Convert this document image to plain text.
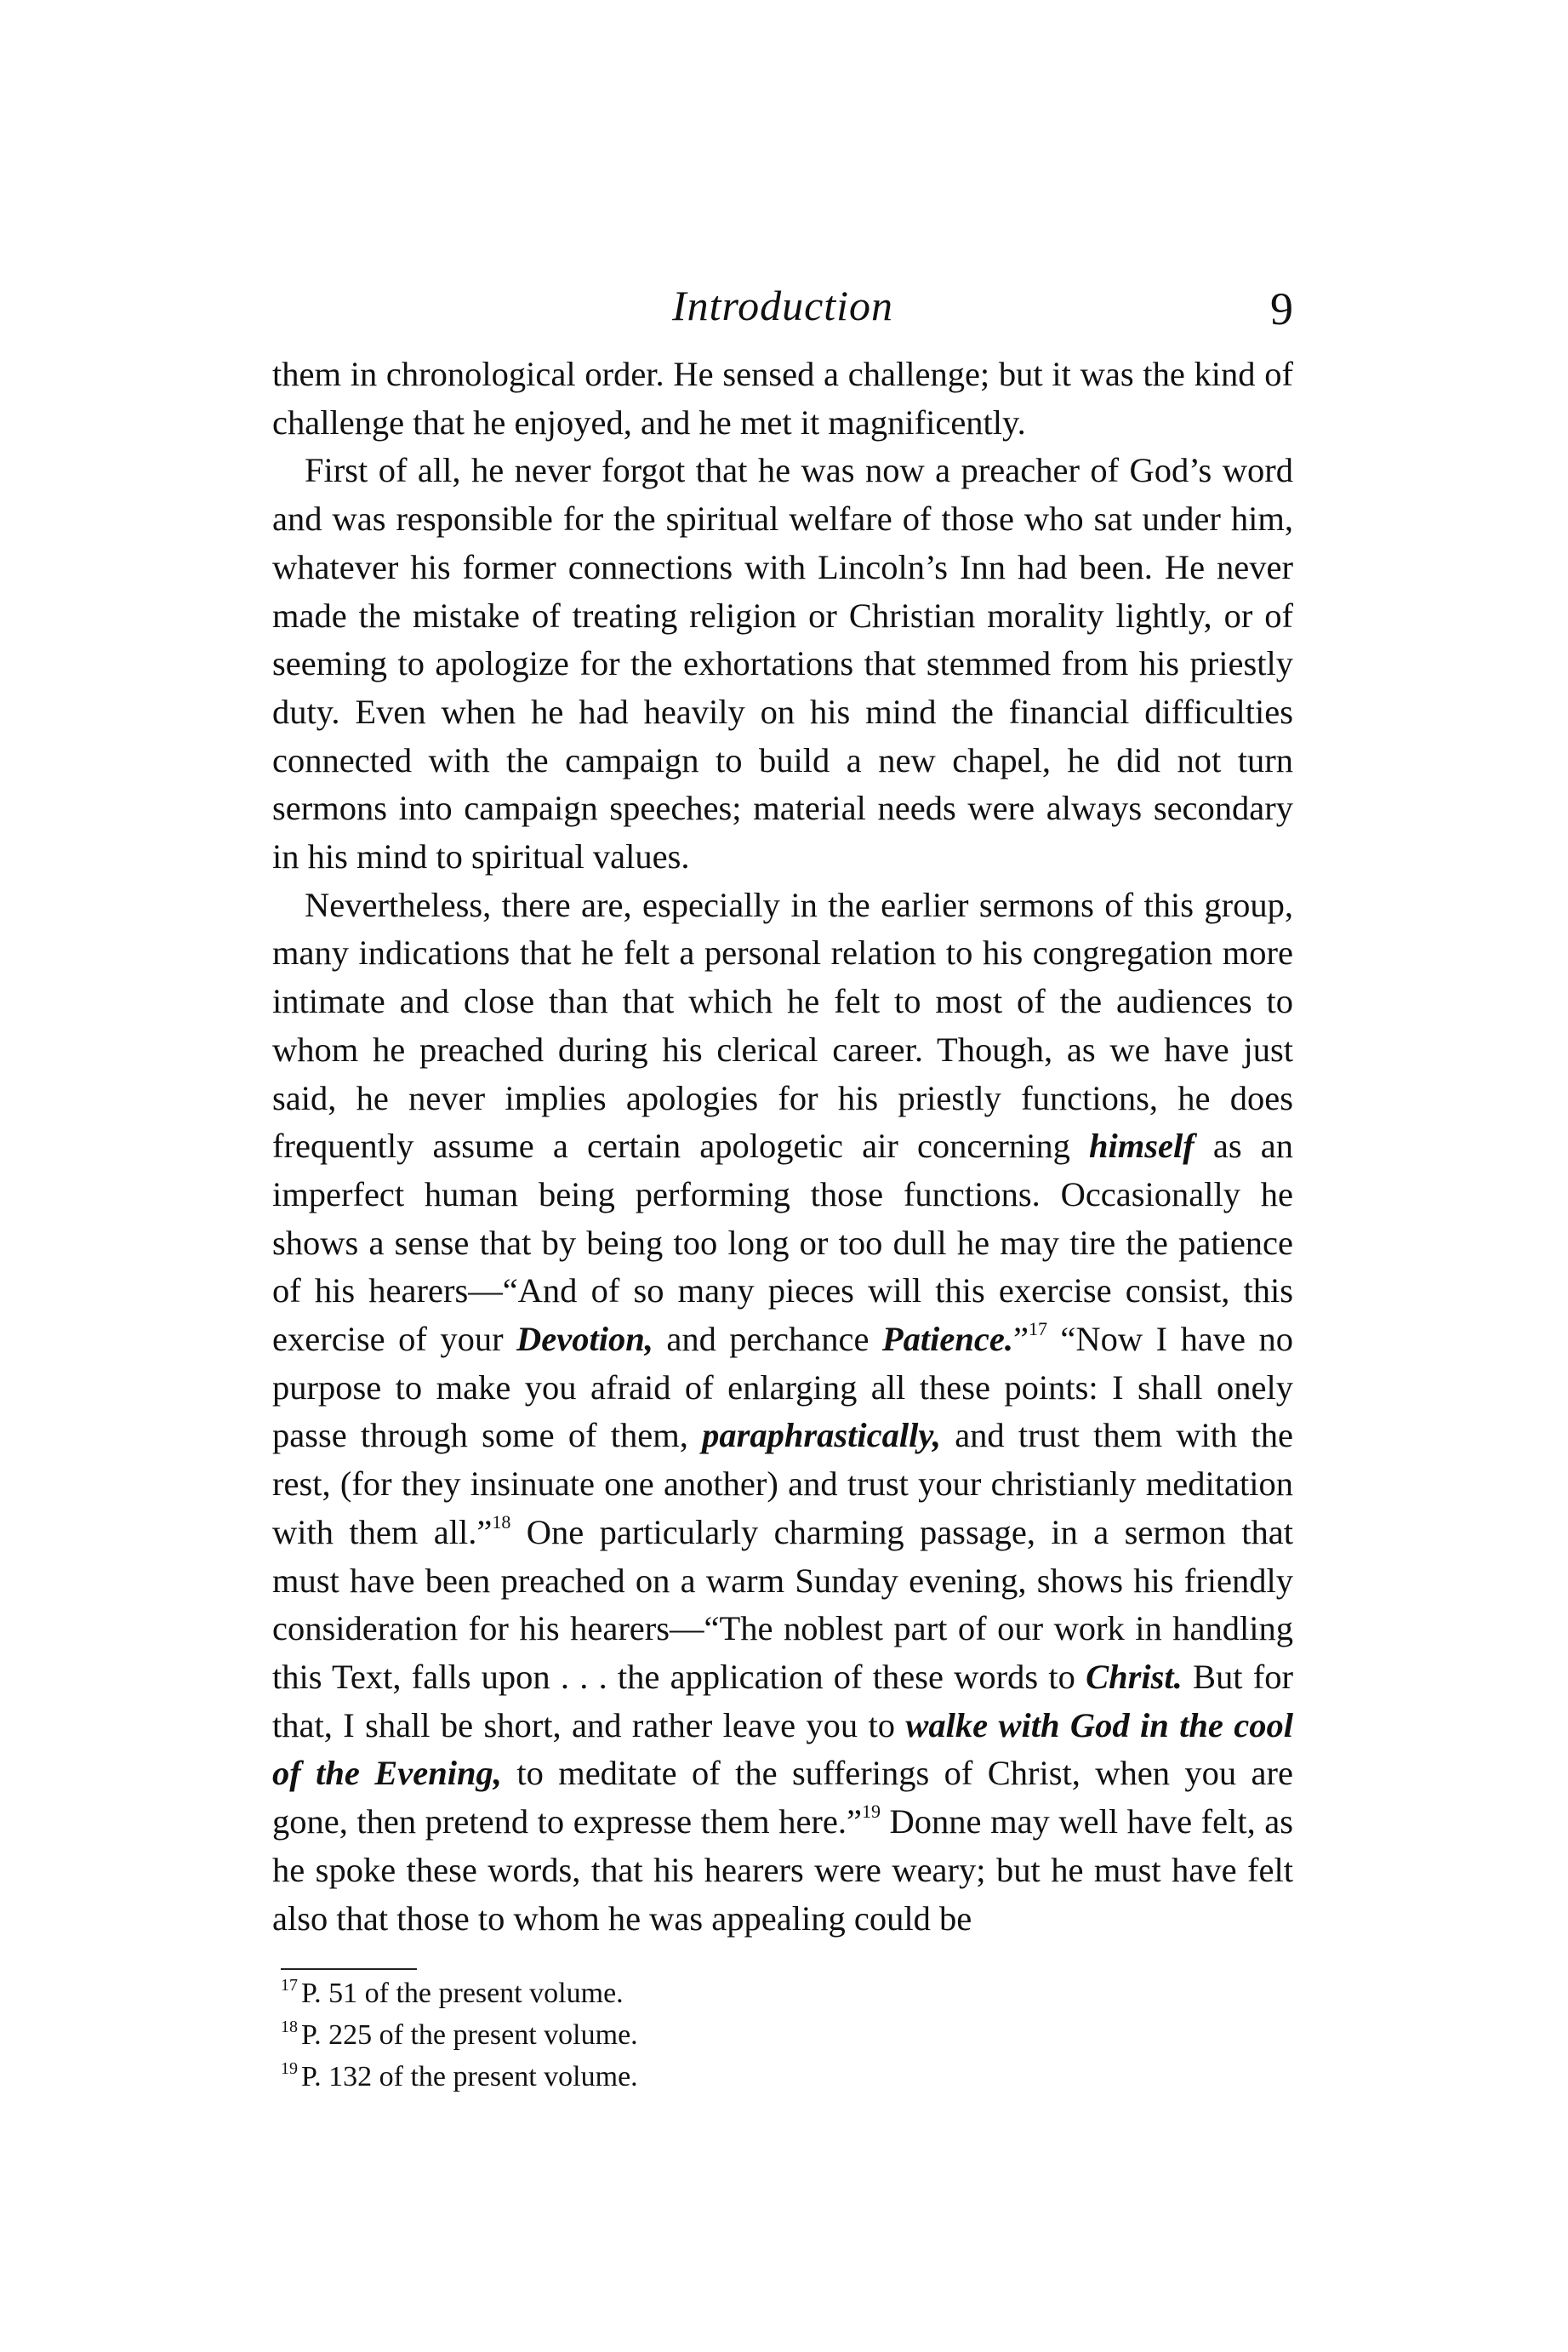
Introduction	9

them in chronological order. He sensed a challenge; but it was the kind of challenge that he enjoyed, and he met it magnificently.

First of all, he never forgot that he was now a preacher of God’s word and was responsible for the spiritual welfare of those who sat under him, whatever his former connections with Lincoln’s Inn had been. He never made the mistake of treating religion or Christian morality lightly, or of seeming to apologize for the exhortations that stemmed from his priestly duty. Even when he had heavily on his mind the financial difficulties connected with the campaign to build a new chapel, he did not turn sermons into campaign speeches; material needs were always secondary in his mind to spiritual values.

Nevertheless, there are, especially in the earlier sermons of this group, many indications that he felt a personal relation to his congregation more intimate and close than that which he felt to most of the audiences to whom he preached during his clerical career. Though, as we have just said, he never implies apologies for his priestly functions, he does frequently assume a certain apologetic air concerning himself as an imperfect human being performing those functions. Occasionally he shows a sense that by being too long or too dull he may tire the patience of his hearers—“And of so many pieces will this exercise consist, this exercise of your Devotion, and perchance Patience.”$^{17}$ “Now I have no purpose to make you afraid of enlarging all these points: I shall onely passe through some of them, paraphrastically, and trust them with the rest, (for they insinuate one another) and trust your christianly meditation with them all.”$^{18}$ One particularly charming passage, in a sermon that must have been preached on a warm Sunday evening, shows his friendly consideration for his hearers—“The noblest part of our work in handling this Text, falls upon . . . the application of these words to Christ. But for that, I shall be short, and rather leave you to walke with God in the cool of the Evening, to meditate of the sufferings of Christ, when you are gone, then pretend to expresse them here.”$^{19}$ Donne may well have felt, as he spoke these words, that his hearers were weary; but he must have felt also that those to whom he was appealing could be

$^{17}$ P. 51 of the present volume.
$^{18}$ P. 225 of the present volume.
$^{19}$ P. 132 of the present volume.
